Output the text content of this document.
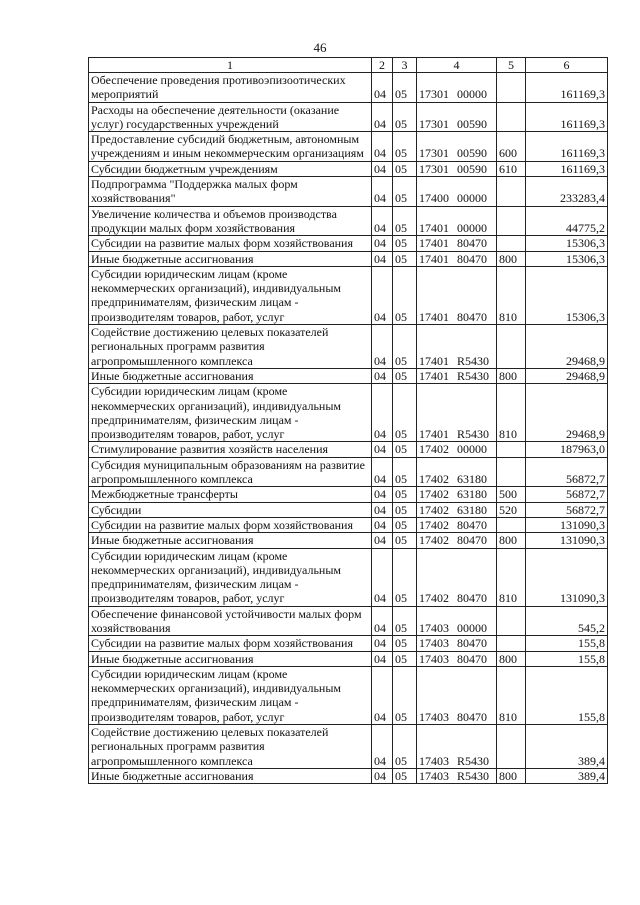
46
1	2	3	4	5	6
Обеспечение проведения противоэпизоотических мероприятий	04	05	17301 00000		161169,3
Расходы на обеспечение деятельности (оказание услуг) государственных учреждений	04	05	17301 00590		161169,3
Предоставление субсидий бюджетным, автономным учреждениям и иным некоммерческим организациям	04	05	17301 00590	600	161169,3
Субсидии бюджетным учреждениям	04	05	17301 00590	610	161169,3
Подпрограмма "Поддержка малых форм хозяйствования"	04	05	17400 00000		233283,4
Увеличение количества и объемов производства продукции малых форм хозяйствования	04	05	17401 00000		44775,2
Субсидии на развитие малых форм хозяйствования	04	05	17401 80470		15306,3
Иные бюджетные ассигнования	04	05	17401 80470	800	15306,3
Субсидии юридическим лицам (кроме некоммерческих организаций), индивидуальным предпринимателям, физическим лицам - производителям товаров, работ, услуг	04	05	17401 80470	810	15306,3
Содействие достижению целевых показателей региональных программ развития агропромышленного комплекса	04	05	17401 R5430		29468,9
Иные бюджетные ассигнования	04	05	17401 R5430	800	29468,9
Субсидии юридическим лицам (кроме некоммерческих организаций), индивидуальным предпринимателям, физическим лицам - производителям товаров, работ, услуг	04	05	17401 R5430	810	29468,9
Стимулирование развития хозяйств населения	04	05	17402 00000		187963,0
Субсидия муниципальным образованиям на развитие агропромышленного комплекса	04	05	17402 63180		56872,7
Межбюджетные трансферты	04	05	17402 63180	500	56872,7
Субсидии	04	05	17402 63180	520	56872,7
Субсидии на развитие малых форм хозяйствования	04	05	17402 80470		131090,3
Иные бюджетные ассигнования	04	05	17402 80470	800	131090,3
Субсидии юридическим лицам (кроме некоммерческих организаций), индивидуальным предпринимателям, физическим лицам - производителям товаров, работ, услуг	04	05	17402 80470	810	131090,3
Обеспечение финансовой устойчивости малых форм хозяйствования	04	05	17403 00000		545,2
Субсидии на развитие малых форм хозяйствования	04	05	17403 80470		155,8
Иные бюджетные ассигнования	04	05	17403 80470	800	155,8
Субсидии юридическим лицам (кроме некоммерческих организаций), индивидуальным предпринимателям, физическим лицам - производителям товаров, работ, услуг	04	05	17403 80470	810	155,8
Содействие достижению целевых показателей региональных программ развития агропромышленного комплекса	04	05	17403 R5430		389,4
Иные бюджетные ассигнования	04	05	17403 R5430	800	389,4
